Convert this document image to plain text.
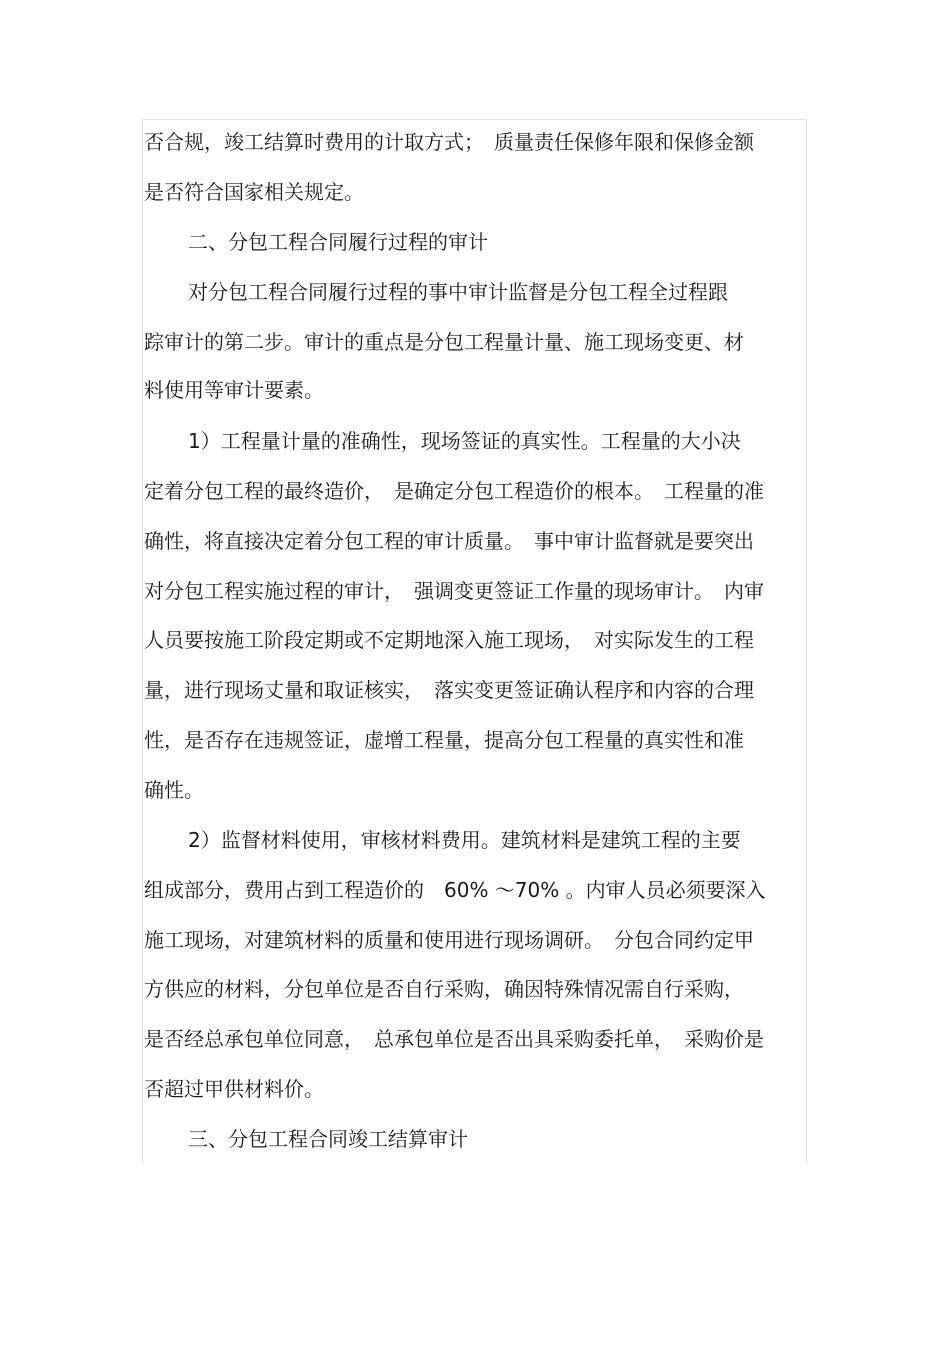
否合规，竣工结算时费用的计取方式；　质量责任保修年限和保修金额
是否符合国家相关规定。
二、分包工程合同履行过程的审计
对分包工程合同履行过程的事中审计监督是分包工程全过程跟
踪审计的第二步。审计的重点是分包工程量计量、施工现场变更、材
料使用等审计要素。
1）工程量计量的准确性，现场签证的真实性。工程量的大小决
定着分包工程的最终造价，　是确定分包工程造价的根本。　工程量的准
确性，将直接决定着分包工程的审计质量。　事中审计监督就是要突出
对分包工程实施过程的审计，　强调变更签证工作量的现场审计。　内审
人员要按施工阶段定期或不定期地深入施工现场，　对实际发生的工程
量，进行现场丈量和取证核实，　落实变更签证确认程序和内容的合理
性，是否存在违规签证，虚增工程量，提高分包工程量的真实性和准
确性。
2）监督材料使用，审核材料费用。建筑材料是建筑工程的主要
组成部分，费用占到工程造价的　60% ～70% 。内审人员必须要深入
施工现场，对建筑材料的质量和使用进行现场调研。　分包合同约定甲
方供应的材料，分包单位是否自行采购，确因特殊情况需自行采购，
是否经总承包单位同意，　总承包单位是否出具采购委托单，　采购价是
否超过甲供材料价。
三、分包工程合同竣工结算审计
